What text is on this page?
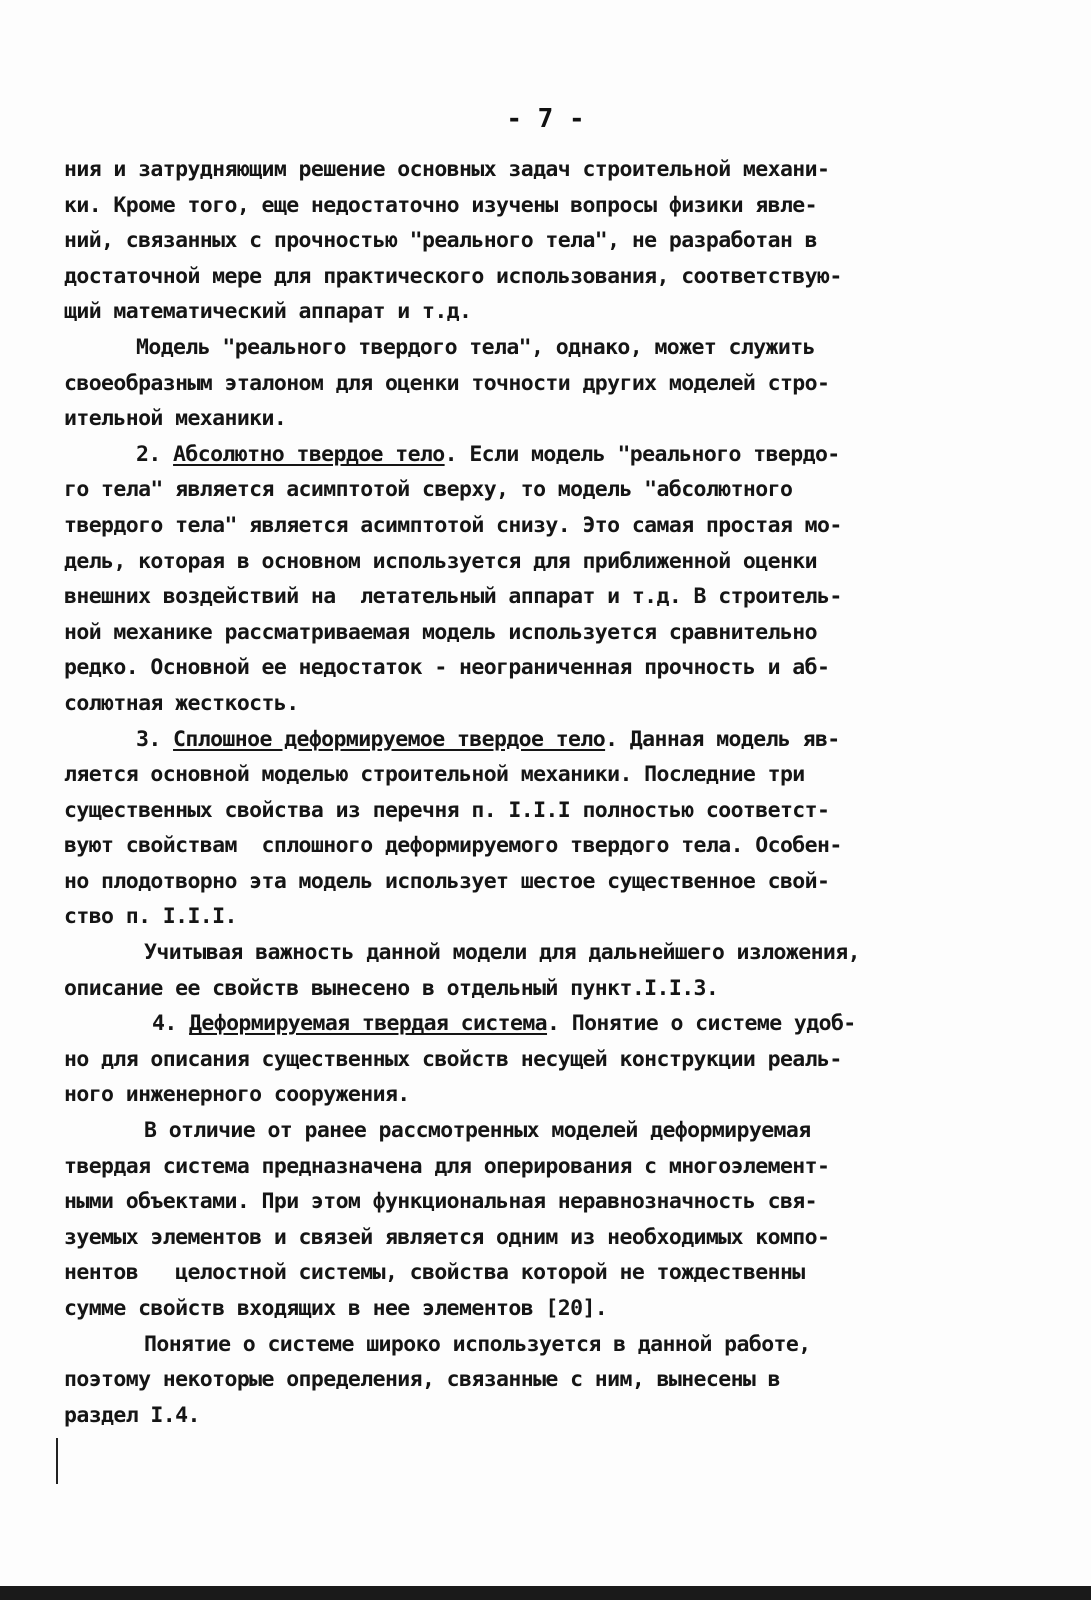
- 7 -
ния и затрудняющим решение основных задач строительной механи-
ки. Кроме того, еще недостаточно изучены вопросы физики явле-
ний, связанных с прочностью "реального тела", не разработан в
достаточной мере для практического использования, соответствую-
щий математический аппарат и т.д.
Модель "реального твердого тела", однако, может служить
своеобразным эталоном для оценки точности других моделей стро-
ительной механики.
2. Абсолютно твердое тело. Если модель "реального твердо-
го тела" является асимптотой сверху, то модель "абсолютного
твердого тела" является асимптотой снизу. Это самая простая мо-
дель, которая в основном используется для приближенной оценки
внешних воздействий на  летательный аппарат и т.д. В строитель-
ной механике рассматриваемая модель используется сравнительно
редко. Основной ее недостаток - неограниченная прочность и аб-
солютная жесткость.
3. Сплошное деформируемое твердое тело. Данная модель яв-
ляется основной моделью строительной механики. Последние три
существенных свойства из перечня п. I.I.I полностью соответст-
вуют свойствам  сплошного деформируемого твердого тела. Особен-
но плодотворно эта модель использует шестое существенное свой-
ство п. I.I.I.
Учитывая важность данной модели для дальнейшего изложения,
описание ее свойств вынесено в отдельный пункт.I.I.3.
4. Деформируемая твердая система. Понятие о системе удоб-
но для описания существенных свойств несущей конструкции реаль-
ного инженерного сооружения.
В отличие от ранее рассмотренных моделей деформируемая
твердая система предназначена для оперирования с многоэлемент-
ными объектами. При этом функциональная неравнозначность свя-
зуемых элементов и связей является одним из необходимых компо-
нентов   целостной системы, свойства которой не тождественны
сумме свойств входящих в нее элементов [20].
Понятие о системе широко используется в данной работе,
поэтому некоторые определения, связанные с ним, вынесены в
раздел I.4.
